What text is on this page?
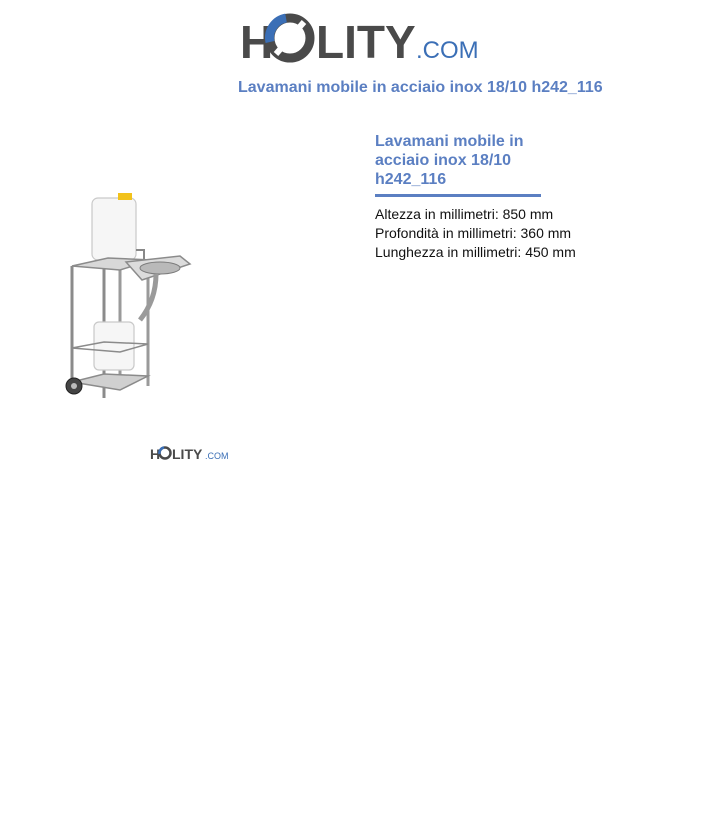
H LITY .COM
Lavamani mobile in acciaio inox 18/10 h242_116
H LITY .COM
Lavamani mobile in acciaio inox 18/10 h242_116
Altezza in millimetri: 850 mm
Profondità in millimetri: 360 mm
Lunghezza in millimetri: 450 mm
